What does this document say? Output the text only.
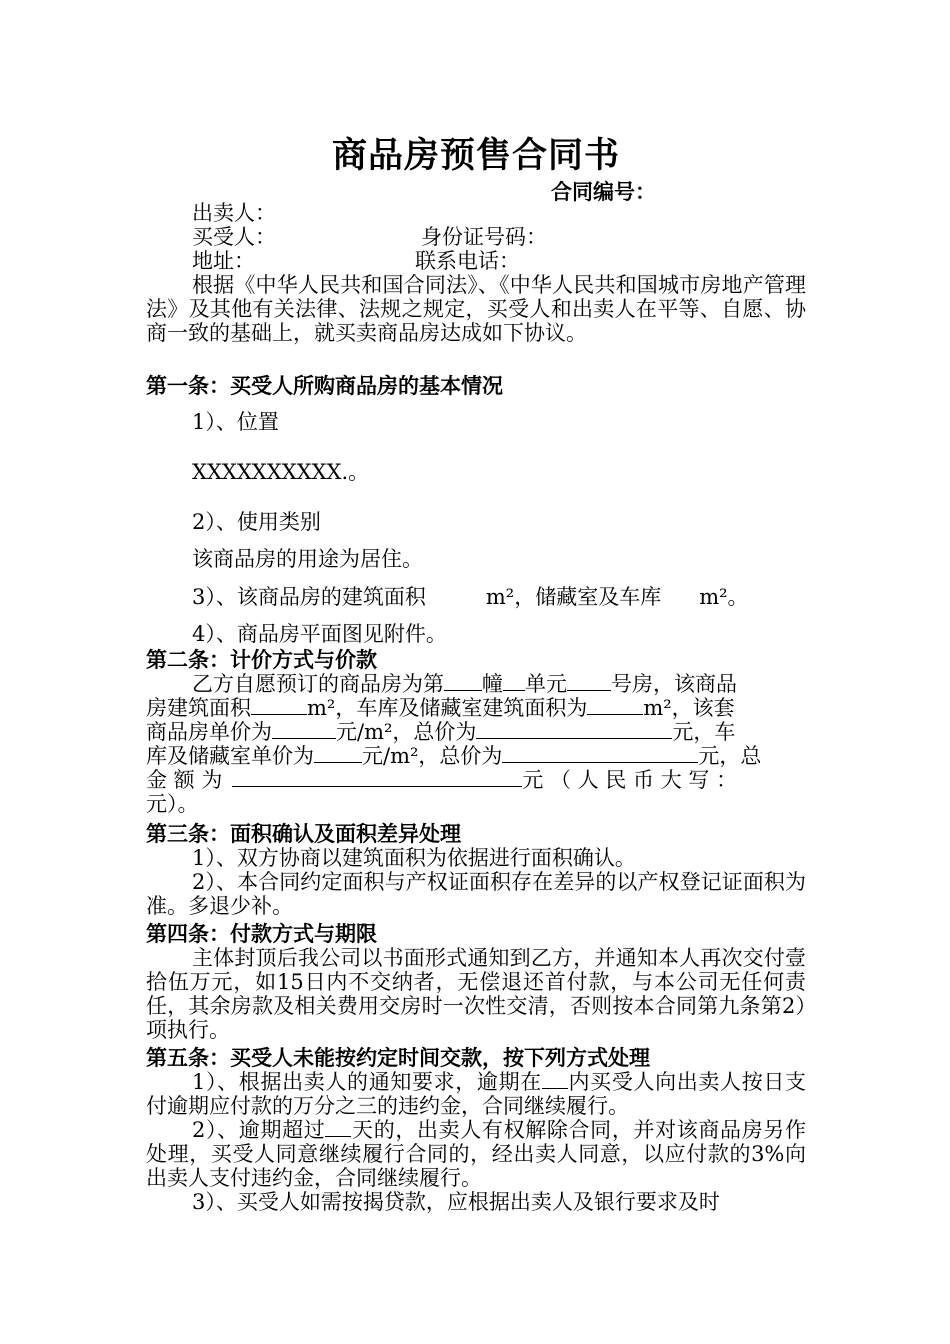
商品房预售合同书
合同编号：

出卖人：

买受人：	身份证号码：

地址：	联系电话：

根据《中华人民共和国合同法》、《中华人民共和国城市房地产管理法》及其他有关法律、法规之规定，买受人和出卖人在平等、自愿、协商一致的基础上，就买卖商品房达成如下协议。

第一条：买受人所购商品房的基本情况

1）、位置

XXXXXXXXXX.。

2）、使用类别

该商品房的用途为居住。

3）、该商品房的建筑面积	m²，储藏室及车库 m²。

4）、商品房平面图见附件。

第二条：计价方式与价款

乙方自愿预订的商品房为第 幢 单元 号房，该商品

房建筑面积	m²，车库及储藏室建筑面积为	m²，该套

商品房单价为	元/m²，总价为	元，车

库及储藏室单价为 元/m²，总价为	元，总

金 额 为	元 （ 人 民 币 大 写 ：

元）。

第三条：面积确认及面积差异处理

1）、双方协商以建筑面积为依据进行面积确认。

2）、本合同约定面积与产权证面积存在差异的以产权登记证面积为准。多退少补。

第四条：付款方式与期限

主体封顶后我公司以书面形式通知到乙方，并通知本人再次交付壹拾伍万元，如15日内不交纳者，无偿退还首付款，与本公司无任何责任，其余房款及相关费用交房时一次性交清，否则按本合同第九条第2）项执行。

第五条：买受人未能按约定时间交款，按下列方式处理

1）、根据出卖人的通知要求，逾期在 内买受人向出卖人按日支付逾期应付款的万分之三的违约金，合同继续履行。

2）、逾期超过 天的，出卖人有权解除合同，并对该商品房另作处理，买受人同意继续履行合同的，经出卖人同意，以应付款的3%向出卖人支付违约金，合同继续履行。

3）、买受人如需按揭贷款，应根据出卖人及银行要求及时
